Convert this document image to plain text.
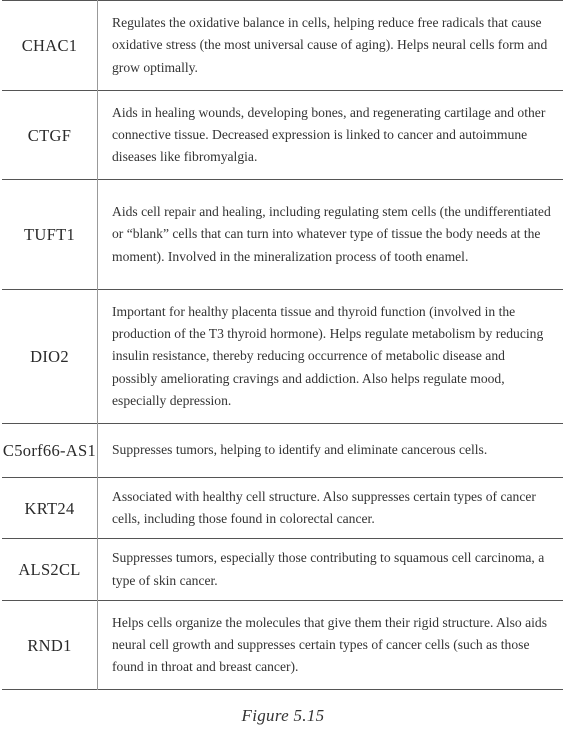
CHAC1	Regulates the oxidative balance in cells, helping reduce free radicals that cause oxidative stress (the most universal cause of aging). Helps neural cells form and grow optimally.
CTGF	Aids in healing wounds, developing bones, and regenerating cartilage and other connective tissue. Decreased expression is linked to cancer and autoimmune diseases like fibromyalgia.
TUFT1	Aids cell repair and healing, including regulating stem cells (the undifferentiated or “blank” cells that can turn into whatever type of tissue the body needs at the moment). Involved in the mineralization process of tooth enamel.
DIO2	Important for healthy placenta tissue and thyroid function (involved in the production of the T3 thyroid hormone). Helps regulate metabolism by reducing insulin resistance, thereby reducing occurrence of metabolic disease and possibly ameliorating cravings and addiction. Also helps regulate mood, especially depression.
C5orf66-AS1	Suppresses tumors, helping to identify and eliminate cancerous cells.
KRT24	Associated with healthy cell structure. Also suppresses certain types of cancer cells, including those found in colorectal cancer.
ALS2CL	Suppresses tumors, especially those contributing to squamous cell carcinoma, a type of skin cancer.
RND1	Helps cells organize the molecules that give them their rigid structure. Also aids neural cell growth and suppresses certain types of cancer cells (such as those found in throat and breast cancer).
Figure 5.15
